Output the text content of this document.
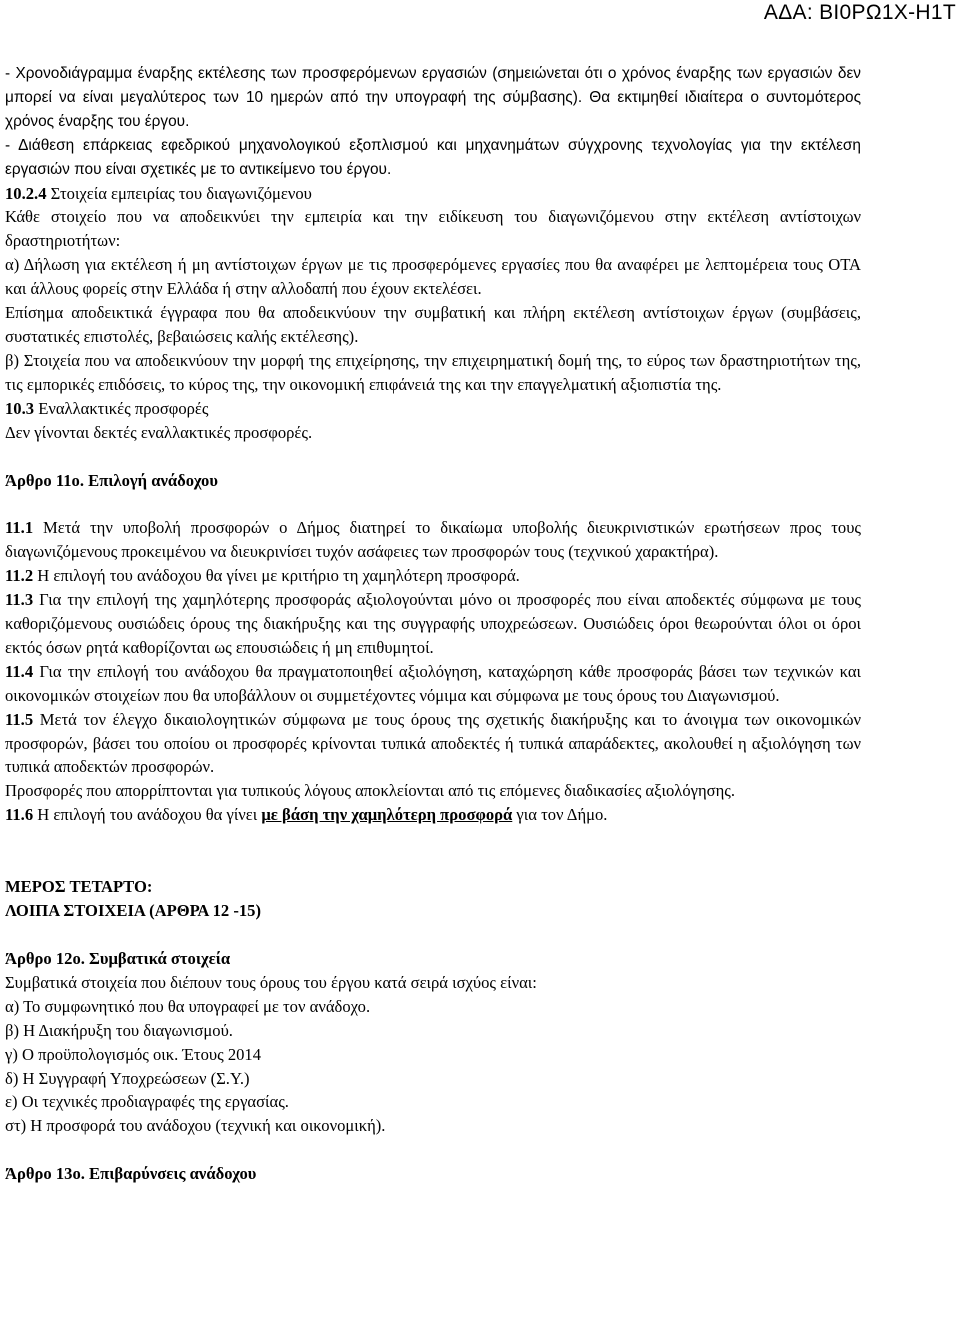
ΑΔΑ: ΒΙ0ΡΩ1Χ-Η1Τ

- Χρονοδιάγραμμα έναρξης εκτέλεσης των προσφερόμενων εργασιών (σημειώνεται ότι ο χρόνος έναρξης των εργασιών δεν μπορεί να είναι μεγαλύτερος των 10 ημερών από την υπογραφή της σύμβασης). Θα εκτιμηθεί ιδιαίτερα ο συντομότερος χρόνος έναρξης του έργου.

- Διάθεση επάρκειας εφεδρικού μηχανολογικού εξοπλισμού και μηχανημάτων σύγχρονης τεχνολογίας για την εκτέλεση εργασιών που είναι σχετικές με το αντικείμενο του έργου.

10.2.4 Στοιχεία εμπειρίας του διαγωνιζόμενου

Κάθε στοιχείο που να αποδεικνύει την εμπειρία και την ειδίκευση του διαγωνιζόμενου στην εκτέλεση αντίστοιχων δραστηριοτήτων:

α) Δήλωση για εκτέλεση ή μη αντίστοιχων έργων με τις προσφερόμενες εργασίες που θα αναφέρει με λεπτομέρεια τους ΟΤΑ και άλλους φορείς στην Ελλάδα ή στην αλλοδαπή που έχουν εκτελέσει.

Επίσημα αποδεικτικά έγγραφα που θα αποδεικνύουν την συμβατική και πλήρη εκτέλεση αντίστοιχων έργων (συμβάσεις, συστατικές επιστολές, βεβαιώσεις καλής εκτέλεσης).

β) Στοιχεία που να αποδεικνύουν την μορφή της επιχείρησης, την επιχειρηματική δομή της, το εύρος των δραστηριοτήτων της, τις εμπορικές επιδόσεις, το κύρος της, την οικονομική επιφάνειά της και την επαγγελματική αξιοπιστία της.

10.3 Εναλλακτικές προσφορές

Δεν γίνονται δεκτές εναλλακτικές προσφορές.

Άρθρο 11ο. Επιλογή ανάδοχου

11.1 Μετά την υποβολή προσφορών ο Δήμος διατηρεί το δικαίωμα υποβολής διευκρινιστικών ερωτήσεων προς τους διαγωνιζόμενους προκειμένου να διευκρινίσει τυχόν ασάφειες των προσφορών τους (τεχνικού χαρακτήρα).

11.2 Η επιλογή του ανάδοχου θα γίνει με κριτήριο τη χαμηλότερη προσφορά.

11.3 Για την επιλογή της χαμηλότερης προσφοράς αξιολογούνται μόνο οι προσφορές που είναι αποδεκτές σύμφωνα με τους καθοριζόμενους ουσιώδεις όρους της διακήρυξης και της συγγραφής υποχρεώσεων. Ουσιώδεις όροι θεωρούνται όλοι οι όροι εκτός όσων ρητά καθορίζονται ως επουσιώδεις ή μη επιθυμητοί.

11.4 Για την επιλογή του ανάδοχου θα πραγματοποιηθεί αξιολόγηση, καταχώρηση κάθε προσφοράς βάσει των τεχνικών και οικονομικών στοιχείων που θα υποβάλλουν οι συμμετέχοντες νόμιμα και σύμφωνα με τους όρους του Διαγωνισμού.

11.5 Μετά τον έλεγχο δικαιολογητικών σύμφωνα με τους όρους της σχετικής διακήρυξης και το άνοιγμα των οικονομικών προσφορών, βάσει του οποίου οι προσφορές κρίνονται τυπικά αποδεκτές ή τυπικά απαράδεκτες, ακολουθεί η αξιολόγηση των τυπικά αποδεκτών προσφορών.

Προσφορές που απορρίπτονται για τυπικούς λόγους αποκλείονται από τις επόμενες διαδικασίες αξιολόγησης.

11.6 Η επιλογή του ανάδοχου θα γίνει με βάση την χαμηλότερη προσφορά για τον Δήμο.

ΜΕΡΟΣ ΤΕΤΑΡΤΟ:

ΛΟΙΠΑ ΣΤΟΙΧΕΙΑ (ΑΡΘΡΑ 12 -15)

Άρθρο 12ο. Συμβατικά στοιχεία

Συμβατικά στοιχεία που διέπουν τους όρους του έργου κατά σειρά ισχύος είναι:

α) Το συμφωνητικό που θα υπογραφεί με τον ανάδοχο.

β) Η Διακήρυξη του διαγωνισμού.

γ) Ο προϋπολογισμός οικ. Έτους 2014

δ) Η Συγγραφή Υποχρεώσεων (Σ.Υ.)

ε) Οι τεχνικές προδιαγραφές της εργασίας.

στ) Η προσφορά του ανάδοχου (τεχνική και οικονομική).

Άρθρο 13ο. Επιβαρύνσεις ανάδοχου
